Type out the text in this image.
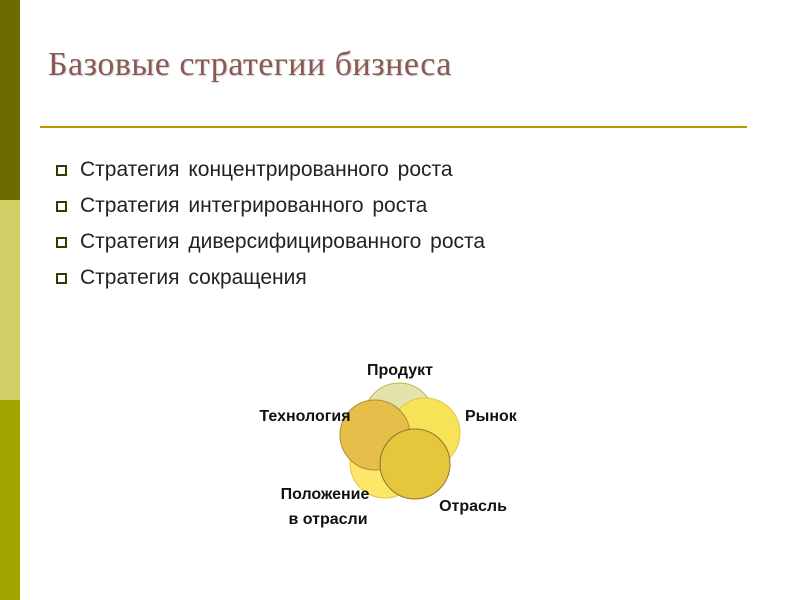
Базовые стратегии бизнеса
Стратегия концентрированного роста
Стратегия интегрированного роста
Стратегия диверсифицированного роста
Стратегия сокращения
Продукт
Рынок
Отрасль
Положение
в отрасли
Технология
